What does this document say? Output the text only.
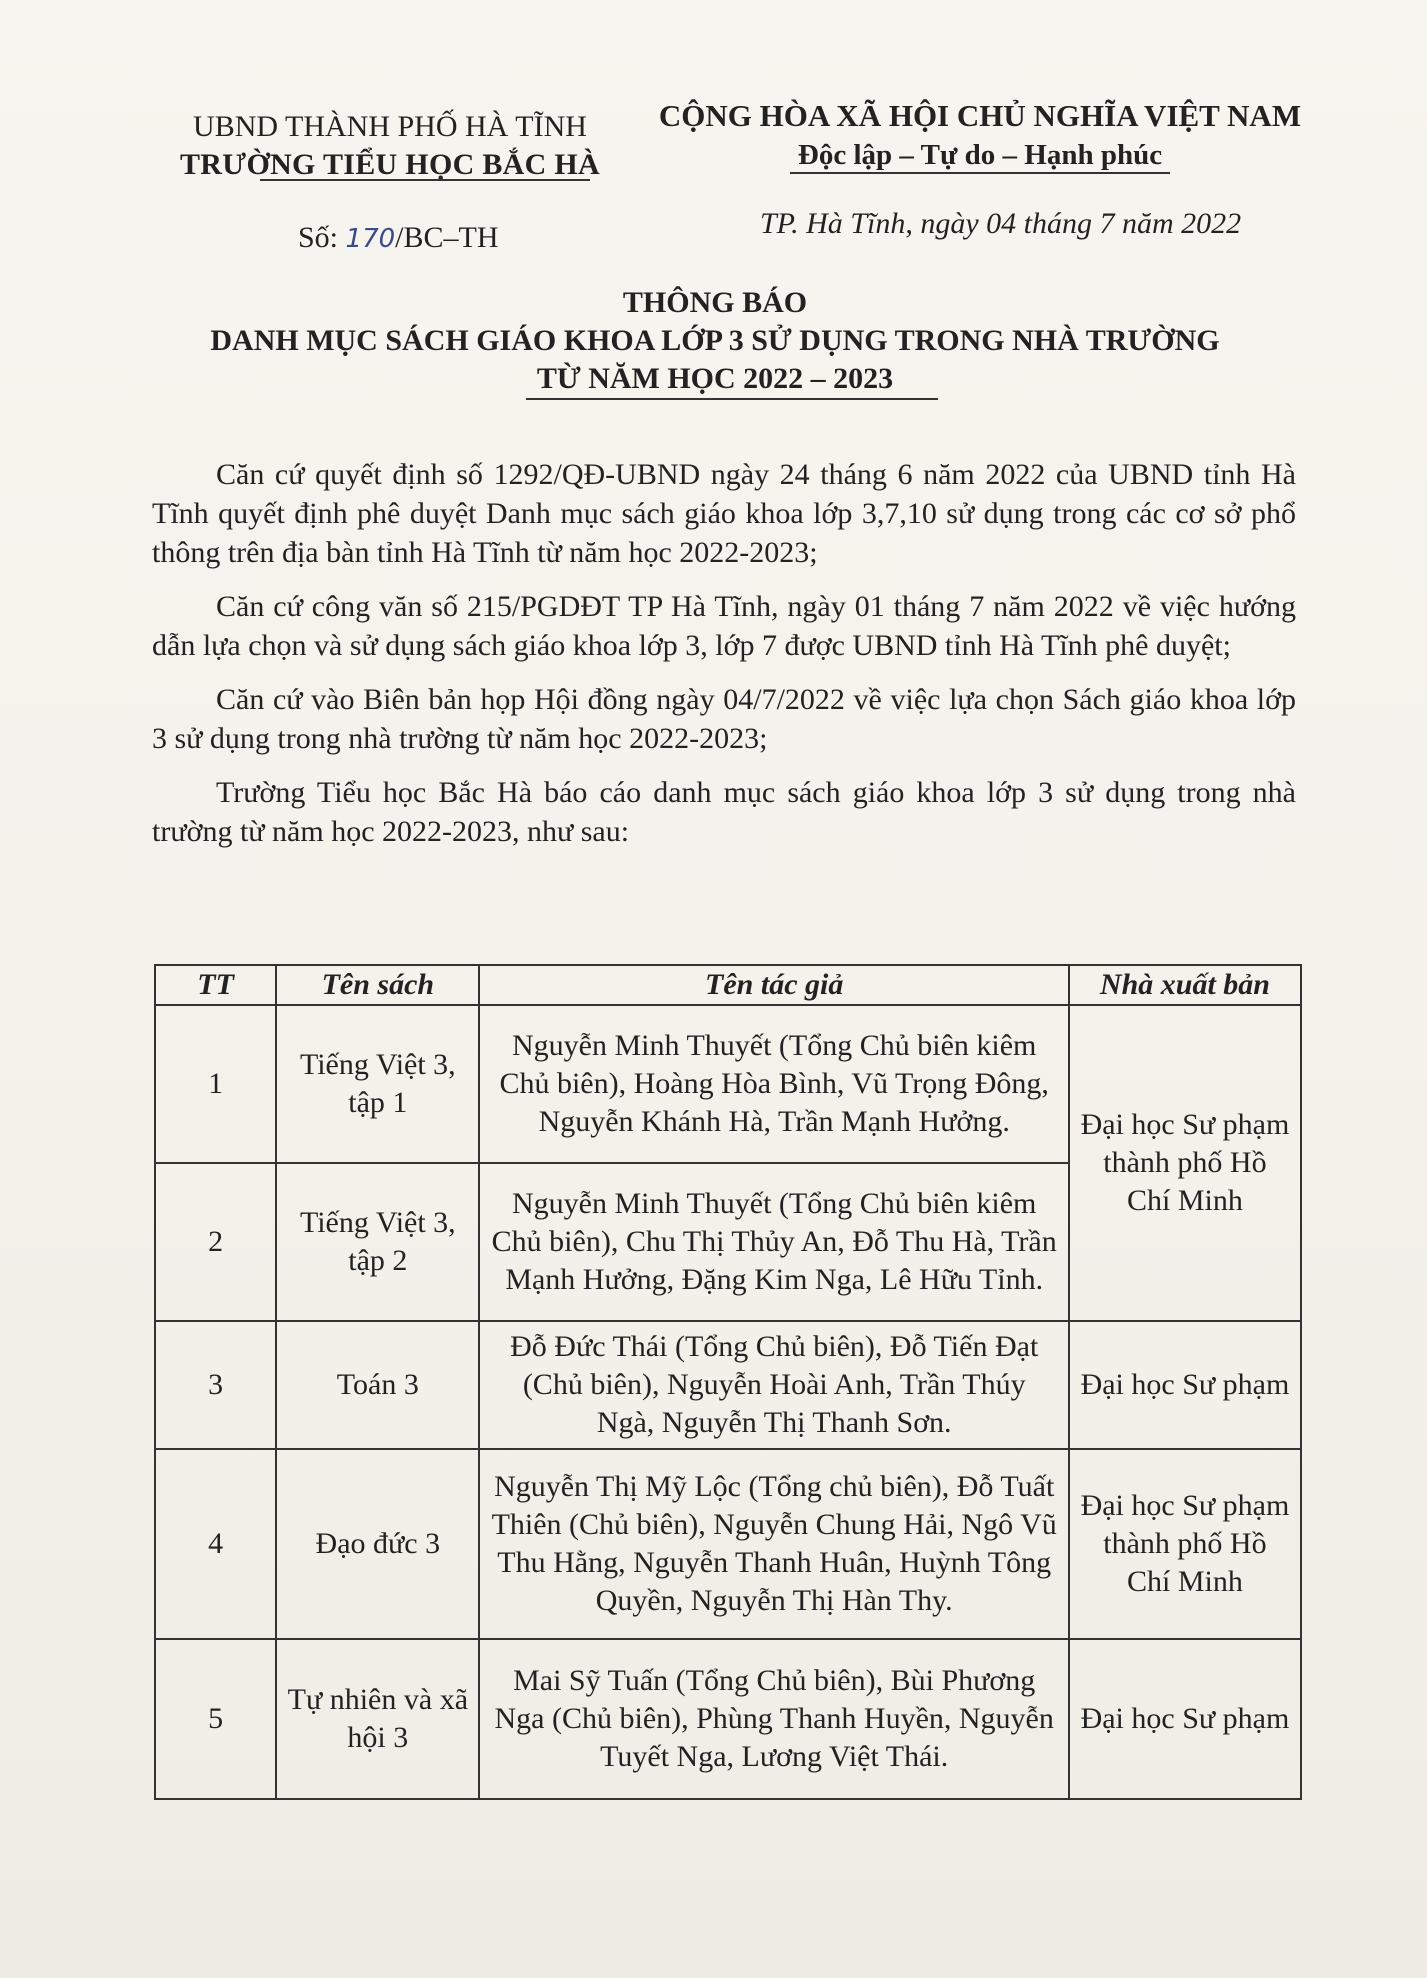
UBND THÀNH PHỐ HÀ TĨNH
TRƯỜNG TIỂU HỌC BẮC HÀ
CỘNG HÒA XÃ HỘI CHỦ NGHĨA VIỆT NAM
Độc lập – Tự do – Hạnh phúc
Số: 170/BC–TH	TP. Hà Tĩnh, ngày 04 tháng 7 năm 2022
THÔNG BÁO
DANH MỤC SÁCH GIÁO KHOA LỚP 3 SỬ DỤNG TRONG NHÀ TRƯỜNG
TỪ NĂM HỌC 2022 – 2023

Căn cứ quyết định số 1292/QĐ-UBND ngày 24 tháng 6 năm 2022 của UBND tỉnh Hà Tĩnh quyết định phê duyệt Danh mục sách giáo khoa lớp 3,7,10 sử dụng trong các cơ sở phổ thông trên địa bàn tỉnh Hà Tĩnh từ năm học 2022-2023;

Căn cứ công văn số 215/PGDĐT TP Hà Tĩnh, ngày 01 tháng 7 năm 2022 về việc hướng dẫn lựa chọn và sử dụng sách giáo khoa lớp 3, lớp 7 được UBND tỉnh Hà Tĩnh phê duyệt;

Căn cứ vào Biên bản họp Hội đồng ngày 04/7/2022 về việc lựa chọn Sách giáo khoa lớp 3 sử dụng trong nhà trường từ năm học 2022-2023;

Trường Tiểu học Bắc Hà báo cáo danh mục sách giáo khoa lớp 3 sử dụng trong nhà trường từ năm học 2022-2023, như sau:

TT	Tên sách	Tên tác giả	Nhà xuất bản
1	Tiếng Việt 3, tập 1	Nguyễn Minh Thuyết (Tổng Chủ biên kiêm Chủ biên), Hoàng Hòa Bình, Vũ Trọng Đông, Nguyễn Khánh Hà, Trần Mạnh Hưởng.	Đại học Sư phạm thành phố Hồ Chí Minh
2	Tiếng Việt 3, tập 2	Nguyễn Minh Thuyết (Tổng Chủ biên kiêm Chủ biên), Chu Thị Thủy An, Đỗ Thu Hà, Trần Mạnh Hưởng, Đặng Kim Nga, Lê Hữu Tỉnh.	
3	Toán 3	Đỗ Đức Thái (Tổng Chủ biên), Đỗ Tiến Đạt (Chủ biên), Nguyễn Hoài Anh, Trần Thúy Ngà, Nguyễn Thị Thanh Sơn.	Đại học Sư phạm
4	Đạo đức 3	Nguyễn Thị Mỹ Lộc (Tổng chủ biên), Đỗ Tuất Thiên (Chủ biên), Nguyễn Chung Hải, Ngô Vũ Thu Hằng, Nguyễn Thanh Huân, Huỳnh Tông Quyền, Nguyễn Thị Hàn Thy.	Đại học Sư phạm thành phố Hồ Chí Minh
5	Tự nhiên và xã hội 3	Mai Sỹ Tuấn (Tổng Chủ biên), Bùi Phương Nga (Chủ biên), Phùng Thanh Huyền, Nguyễn Tuyết Nga, Lương Việt Thái.	Đại học Sư phạm
